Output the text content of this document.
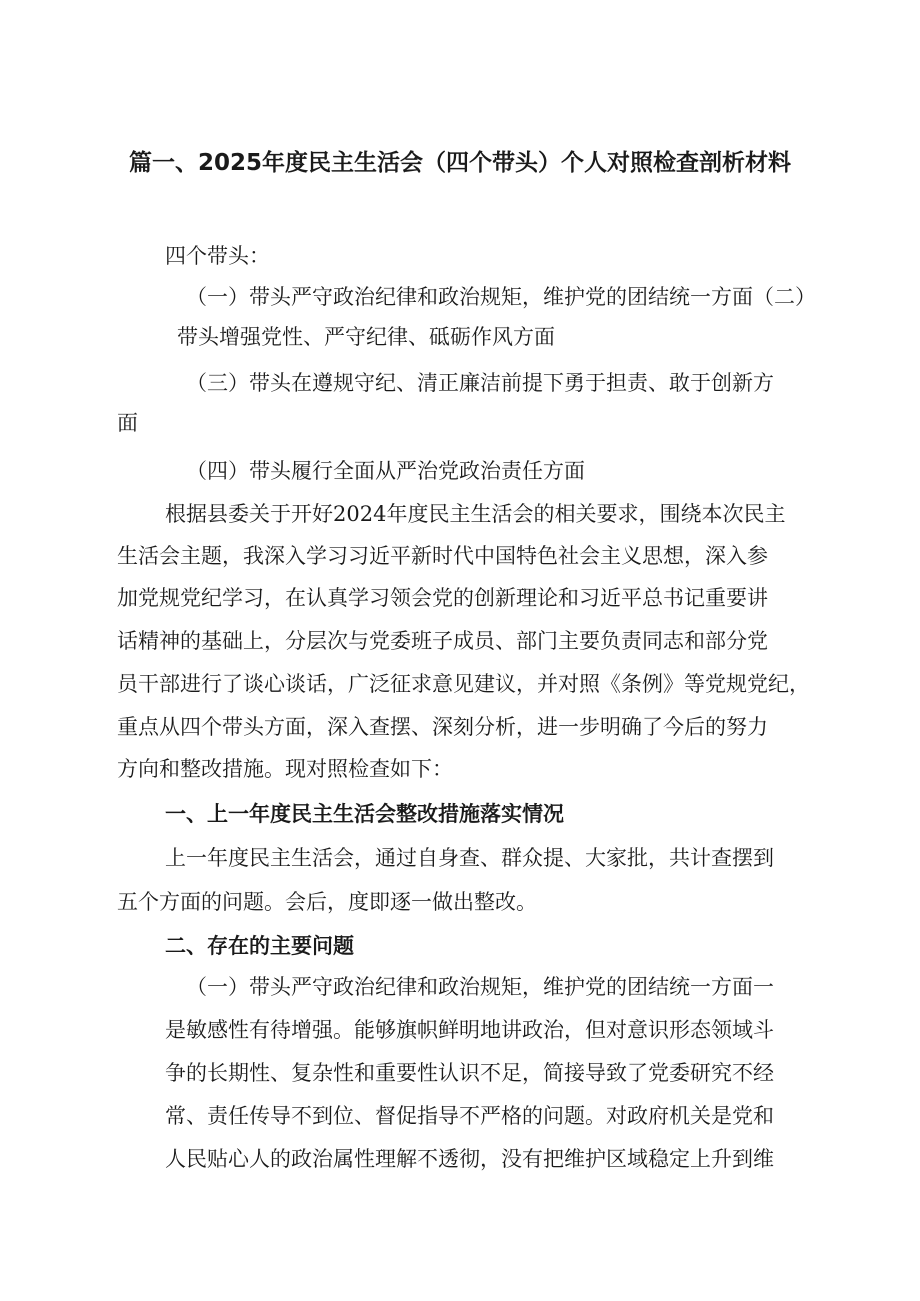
篇一、2025年度民主生活会（四个带头）个人对照检查剖析材料

四个带头：

（一）带头严守政治纪律和政治规矩，维护党的团结统一方面（二）

带头增强党性、严守纪律、砥砺作风方面

（三）带头在遵规守纪、清正廉洁前提下勇于担责、敢于创新方

面

（四）带头履行全面从严治党政治责任方面

根据县委关于开好2024年度民主生活会的相关要求，围绕本次民主

生活会主题，我深入学习习近平新时代中国特色社会主义思想，深入参

加党规党纪学习，在认真学习领会党的创新理论和习近平总书记重要讲

话精神的基础上，分层次与党委班子成员、部门主要负责同志和部分党

员干部进行了谈心谈话，广泛征求意见建议，并对照《条例》等党规党纪，

重点从四个带头方面，深入查摆、深刻分析，进一步明确了今后的努力

方向和整改措施。现对照检查如下：

一、上一年度民主生活会整改措施落实情况

上一年度民主生活会，通过自身查、群众提、大家批，共计查摆到

五个方面的问题。会后，度即逐一做出整改。

二、存在的主要问题

（一）带头严守政治纪律和政治规矩，维护党的团结统一方面一

是敏感性有待增强。能够旗帜鲜明地讲政治，但对意识形态领域斗

争的长期性、复杂性和重要性认识不足，简接导致了党委研究不经

常、责任传导不到位、督促指导不严格的问题。对政府机关是党和

人民贴心人的政治属性理解不透彻，没有把维护区域稳定上升到维
